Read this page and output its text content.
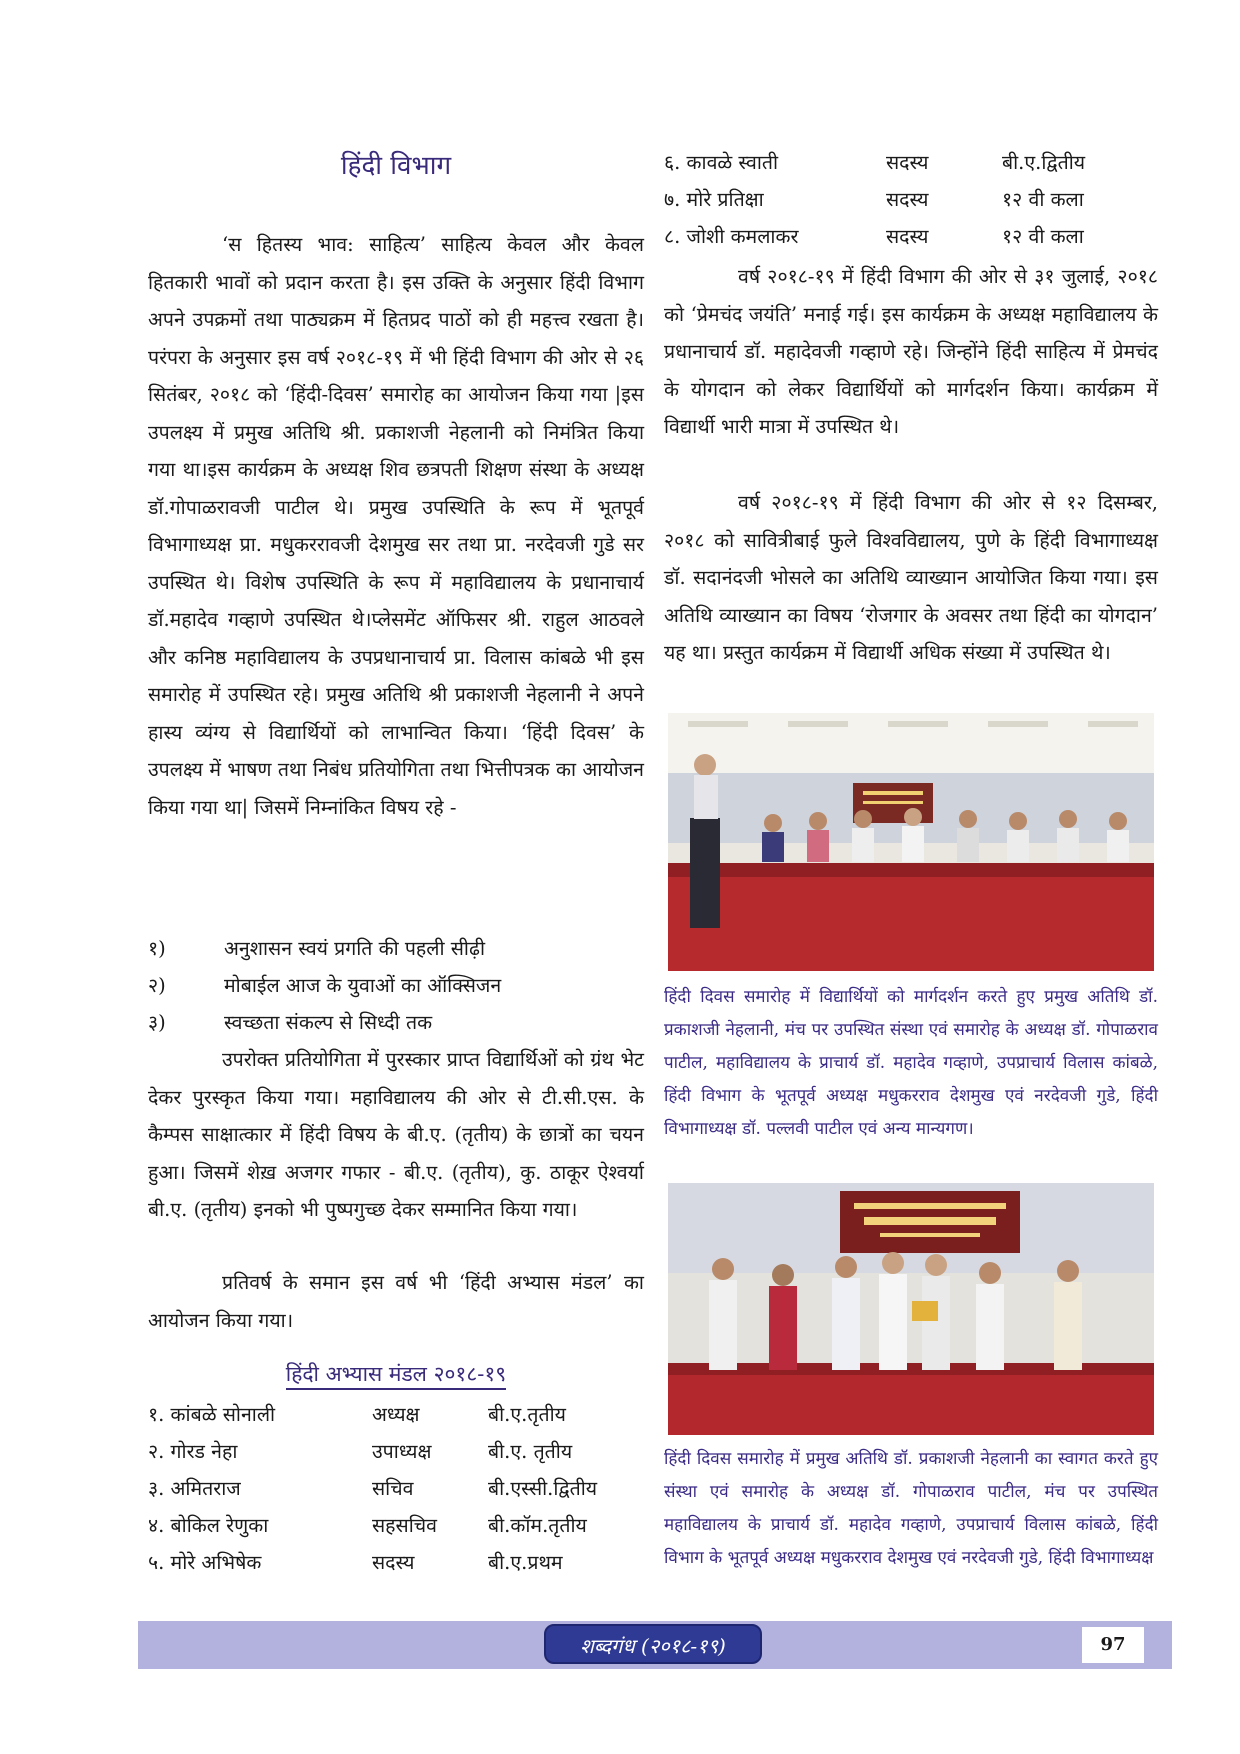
हिंदी विभाग

‘स हितस्य भाव: साहित्य’ साहित्य केवल और केवल हितकारी भावों को प्रदान करता है। इस उक्ति के अनुसार हिंदी विभाग अपने उपक्रमों तथा पाठ्यक्रम में हितप्रद पाठों को ही महत्त्व रखता है। परंपरा के अनुसार इस वर्ष २०१८-१९ में भी हिंदी विभाग की ओर से २६ सितंबर, २०१८ को ‘हिंदी-दिवस’ समारोह का आयोजन किया गया |इस उपलक्ष्य में प्रमुख अतिथि श्री. प्रकाशजी नेहलानी को निमंत्रित किया गया था।इस कार्यक्रम के अध्यक्ष शिव छत्रपती शिक्षण संस्था के अध्यक्ष डॉ.गोपाळरावजी पाटील थे। प्रमुख उपस्थिति के रूप में भूतपूर्व विभागाध्यक्ष प्रा. मधुकररावजी देशमुख सर तथा प्रा. नरदेवजी गुडे सर उपस्थित थे। विशेष उपस्थिति के रूप में महाविद्यालय के प्रधानाचार्य डॉ.महादेव गव्हाणे उपस्थित थे।प्लेसमेंट ऑफिसर श्री. राहुल आठवले और कनिष्ठ महाविद्यालय के उपप्रधानाचार्य प्रा. विलास कांबळे भी इस समारोह में उपस्थित रहे। प्रमुख अतिथि श्री प्रकाशजी नेहलानी ने अपने हास्य व्यंग्य से विद्यार्थियों को लाभान्वित किया। ‘हिंदी दिवस’ के उपलक्ष्य में भाषण तथा निबंध प्रतियोगिता तथा भित्तीपत्रक का आयोजन किया गया था| जिसमें निम्नांकित विषय रहे -

१)	अनुशासन स्वयं प्रगति की पहली सीढ़ी
२)	मोबाईल आज के युवाओं का ऑक्सिजन
३)	स्वच्छता संकल्प से सिध्दी तक

उपरोक्त प्रतियोगिता में पुरस्कार प्राप्त विद्यार्थिओं को ग्रंथ भेट देकर पुरस्कृत किया गया। महाविद्यालय की ओर से टी.सी.एस. के कैम्पस साक्षात्कार में हिंदी विषय के बी.ए. (तृतीय) के छात्रों का चयन हुआ। जिसमें शेख़ अजगर गफार - बी.ए. (तृतीय), कु. ठाकूर ऐश्वर्या बी.ए. (तृतीय) इनको भी पुष्पगुच्छ देकर सम्मानित किया गया।

प्रतिवर्ष के समान इस वर्ष भी ‘हिंदी अभ्यास मंडल’ का आयोजन किया गया।

हिंदी अभ्यास मंडल २०१८-१९
१. कांबळे सोनाली	अध्यक्ष	बी.ए.तृतीय
२. गोरड नेहा	उपाध्यक्ष	बी.ए. तृतीय
३. अमितराज	सचिव	बी.एस्सी.द्वितीय
४. बोकिल रेणुका	सहसचिव	बी.कॉम.तृतीय
५. मोरे अभिषेक	सदस्य	बी.ए.प्रथम
६. कावळे स्वाती	सदस्य	बी.ए.द्वितीय
७. मोरे प्रतिक्षा	सदस्य	१२ वी कला
८. जोशी कमलाकर	सदस्य	१२ वी कला

वर्ष २०१८-१९ में हिंदी विभाग की ओर से ३१ जुलाई, २०१८ को ‘प्रेमचंद जयंति’ मनाई गई। इस कार्यक्रम के अध्यक्ष महाविद्यालय के प्रधानाचार्य डॉ. महादेवजी गव्हाणे रहे। जिन्होंने हिंदी साहित्य में प्रेमचंद के योगदान को लेकर विद्यार्थियों को मार्गदर्शन किया। कार्यक्रम में विद्यार्थी भारी मात्रा में उपस्थित थे।

वर्ष २०१८-१९ में हिंदी विभाग की ओर से १२ दिसम्बर, २०१८ को सावित्रीबाई फुले विश्वविद्यालय, पुणे के हिंदी विभागाध्यक्ष डॉ. सदानंदजी भोसले का अतिथि व्याख्यान आयोजित किया गया। इस अतिथि व्याख्यान का विषय ‘रोजगार के अवसर तथा हिंदी का योगदान’ यह था। प्रस्तुत कार्यक्रम में विद्यार्थी अधिक संख्या में उपस्थित थे।

हिंदी दिवस समारोह में विद्यार्थियों को मार्गदर्शन करते हुए प्रमुख अतिथि डॉ. प्रकाशजी नेहलानी, मंच पर उपस्थित संस्था एवं समारोह के अध्यक्ष डॉ. गोपाळराव पाटील, महाविद्यालय के प्राचार्य डॉ. महादेव गव्हाणे, उपप्राचार्य विलास कांबळे, हिंदी विभाग के भूतपूर्व अध्यक्ष मधुकरराव देशमुख एवं नरदेवजी गुडे, हिंदी विभागाध्यक्ष डॉ. पल्लवी पाटील एवं अन्य मान्यगण।

हिंदी दिवस समारोह में प्रमुख अतिथि डॉ. प्रकाशजी नेहलानी का स्वागत करते हुए संस्था एवं समारोह के अध्यक्ष डॉ. गोपाळराव पाटील, मंच पर उपस्थित महाविद्यालय के प्राचार्य डॉ. महादेव गव्हाणे, उपप्राचार्य विलास कांबळे, हिंदी विभाग के भूतपूर्व अध्यक्ष मधुकरराव देशमुख एवं नरदेवजी गुडे, हिंदी विभागाध्यक्ष

शब्दगंध (२०१८-१९)	97
